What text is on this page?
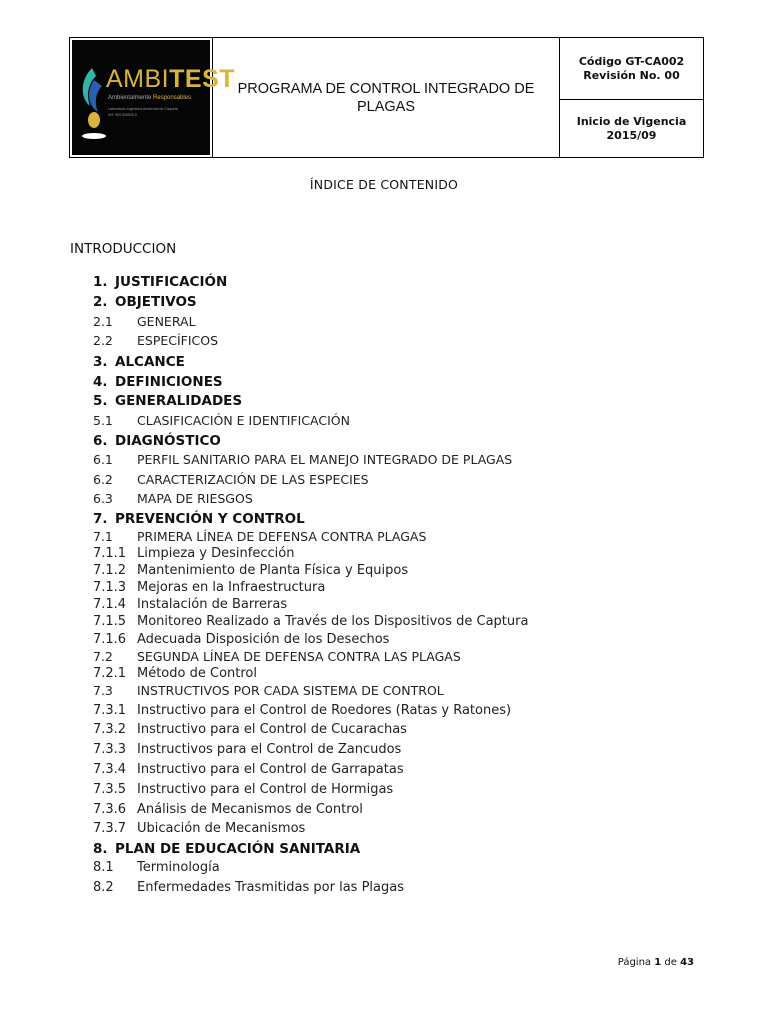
AMBITEST
Ambientalmente Responsables
Laboratorio Ingeniería Ambiental de Caquetá
NIT: 900.000000-0
PROGRAMA DE CONTROL INTEGRADO DE PLAGAS
Código GT-CA002
Revisión No. 00
Inicio de Vigencia
2015/09
ÍNDICE DE CONTENIDO
INTRODUCCION
1. JUSTIFICACIÓN
2. OBJETIVOS
2.1 GENERAL
2.2 ESPECÍFICOS
3. ALCANCE
4. DEFINICIONES
5. GENERALIDADES
5.1 CLASIFICACIÓN E IDENTIFICACIÓN
6. DIAGNÓSTICO
6.1 PERFIL SANITARIO PARA EL MANEJO INTEGRADO DE PLAGAS
6.2 CARACTERIZACIÓN DE LAS ESPECIES
6.3 MAPA DE RIESGOS
7. PREVENCIÓN Y CONTROL
7.1 PRIMERA LÍNEA DE DEFENSA CONTRA PLAGAS
7.1.1 Limpieza y Desinfección
7.1.2 Mantenimiento de Planta Física y Equipos
7.1.3 Mejoras en la Infraestructura
7.1.4 Instalación de Barreras
7.1.5 Monitoreo Realizado a Través de los Dispositivos de Captura
7.1.6 Adecuada Disposición de los Desechos
7.2 SEGUNDA LÍNEA DE DEFENSA CONTRA LAS PLAGAS
7.2.1 Método de Control
7.3 INSTRUCTIVOS POR CADA SISTEMA DE CONTROL
7.3.1 Instructivo para el Control de Roedores (Ratas y Ratones)
7.3.2 Instructivo para el Control de Cucarachas
7.3.3 Instructivos para el Control de Zancudos
7.3.4 Instructivo para el Control de Garrapatas
7.3.5 Instructivo para el Control de Hormigas
7.3.6 Análisis de Mecanismos de Control
7.3.7 Ubicación de Mecanismos
8. PLAN DE EDUCACIÓN SANITARIA
8.1 Terminología
8.2 Enfermedades Trasmitidas por las Plagas
Página 1 de 43
